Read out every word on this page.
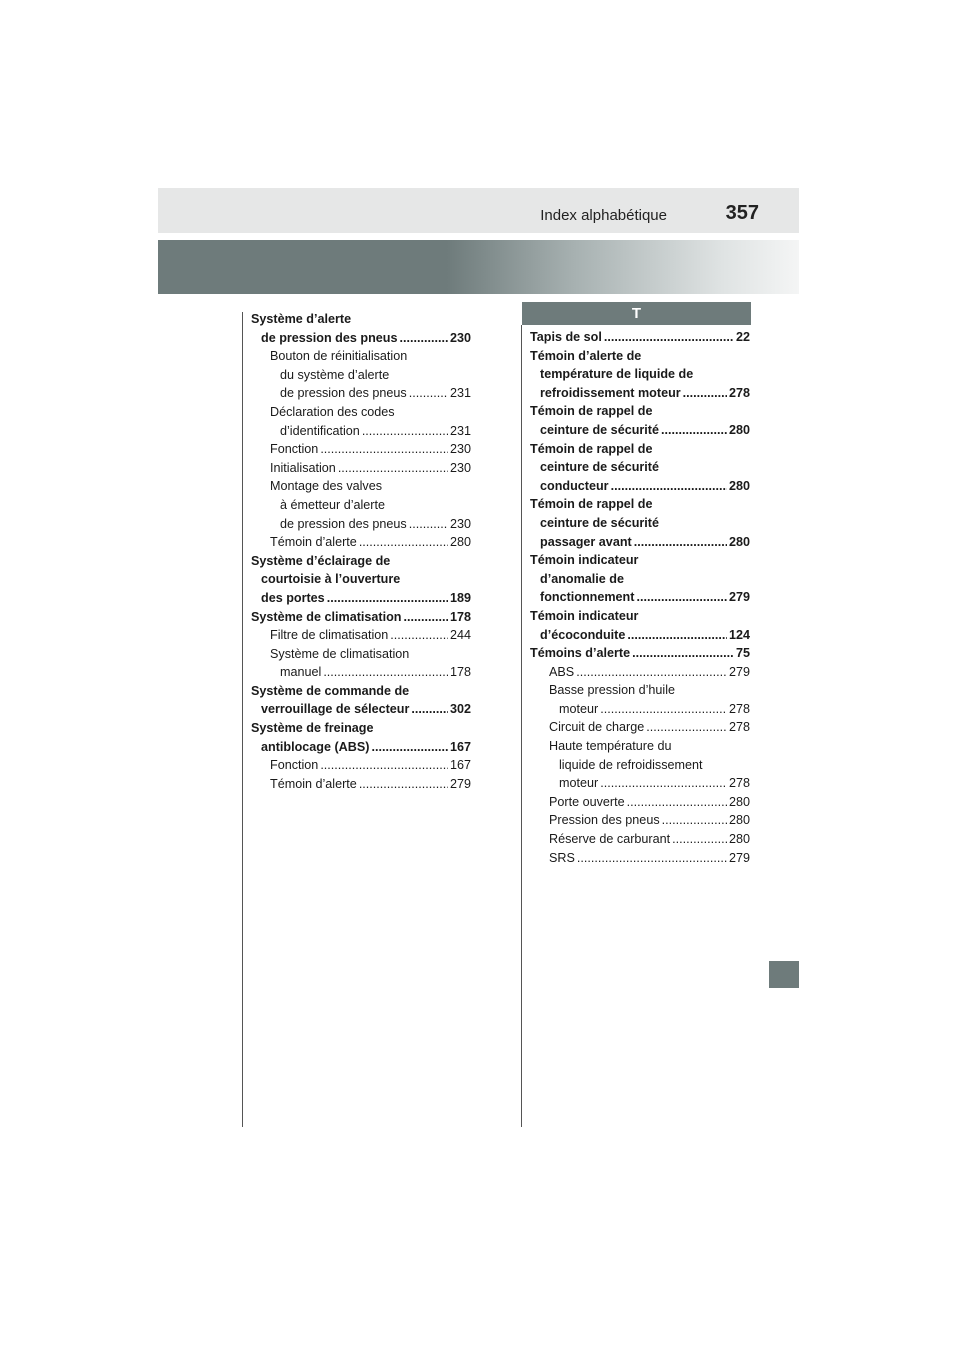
Index alphabétique	357
T
Système d’alerte
de pression des pneus .....	230
Bouton de réinitialisation
du système d’alerte
de pression des pneus .....	231
Déclaration des codes
d’identification .....	231
Fonction .....	230
Initialisation .....	230
Montage des valves
à émetteur d’alerte
de pression des pneus .....	230
Témoin d’alerte .....	280
Système d’éclairage de
courtoisie à l’ouverture
des portes .....	189
Système de climatisation .....	178
Filtre de climatisation .....	244
Système de climatisation
manuel .....	178
Système de commande de
verrouillage de sélecteur .....	302
Système de freinage
antiblocage (ABS) .....	167
Fonction .....	167
Témoin d’alerte .....	279
Tapis de sol .....	22
Témoin d’alerte de
température de liquide de
refroidissement moteur .....	278
Témoin de rappel de
ceinture de sécurité .....	280
Témoin de rappel de
ceinture de sécurité
conducteur .....	280
Témoin de rappel de
ceinture de sécurité
passager avant .....	280
Témoin indicateur
d’anomalie de
fonctionnement .....	279
Témoin indicateur
d’écoconduite .....	124
Témoins d’alerte .....	75
ABS .....	279
Basse pression d’huile
moteur .....	278
Circuit de charge .....	278
Haute température du
liquide de refroidissement
moteur .....	278
Porte ouverte .....	280
Pression des pneus .....	280
Réserve de carburant .....	280
SRS .....	279
